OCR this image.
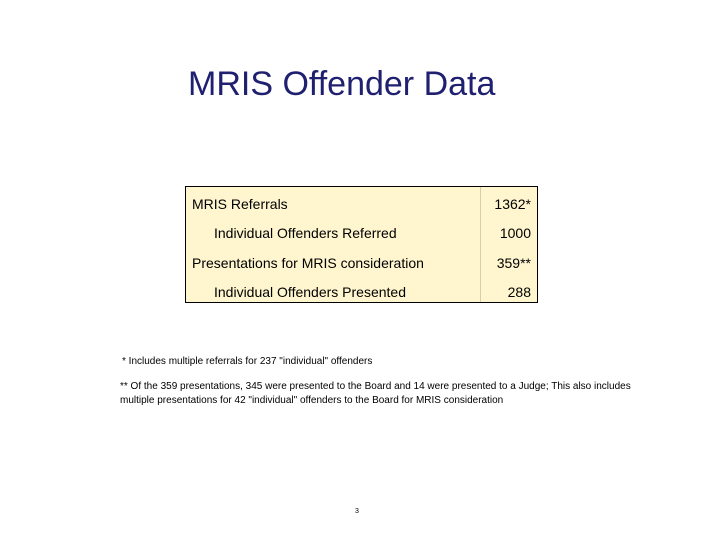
MRIS Offender Data
MRIS Referrals	1362*
Individual Offenders Referred	1000
Presentations for MRIS consideration	359**
Individual Offenders Presented	288

* Includes multiple referrals for 237 "individual" offenders

** Of the 359 presentations, 345 were presented to the Board and 14 were presented to a Judge; This also includes multiple presentations for 42 "individual" offenders to the Board for MRIS consideration

3
